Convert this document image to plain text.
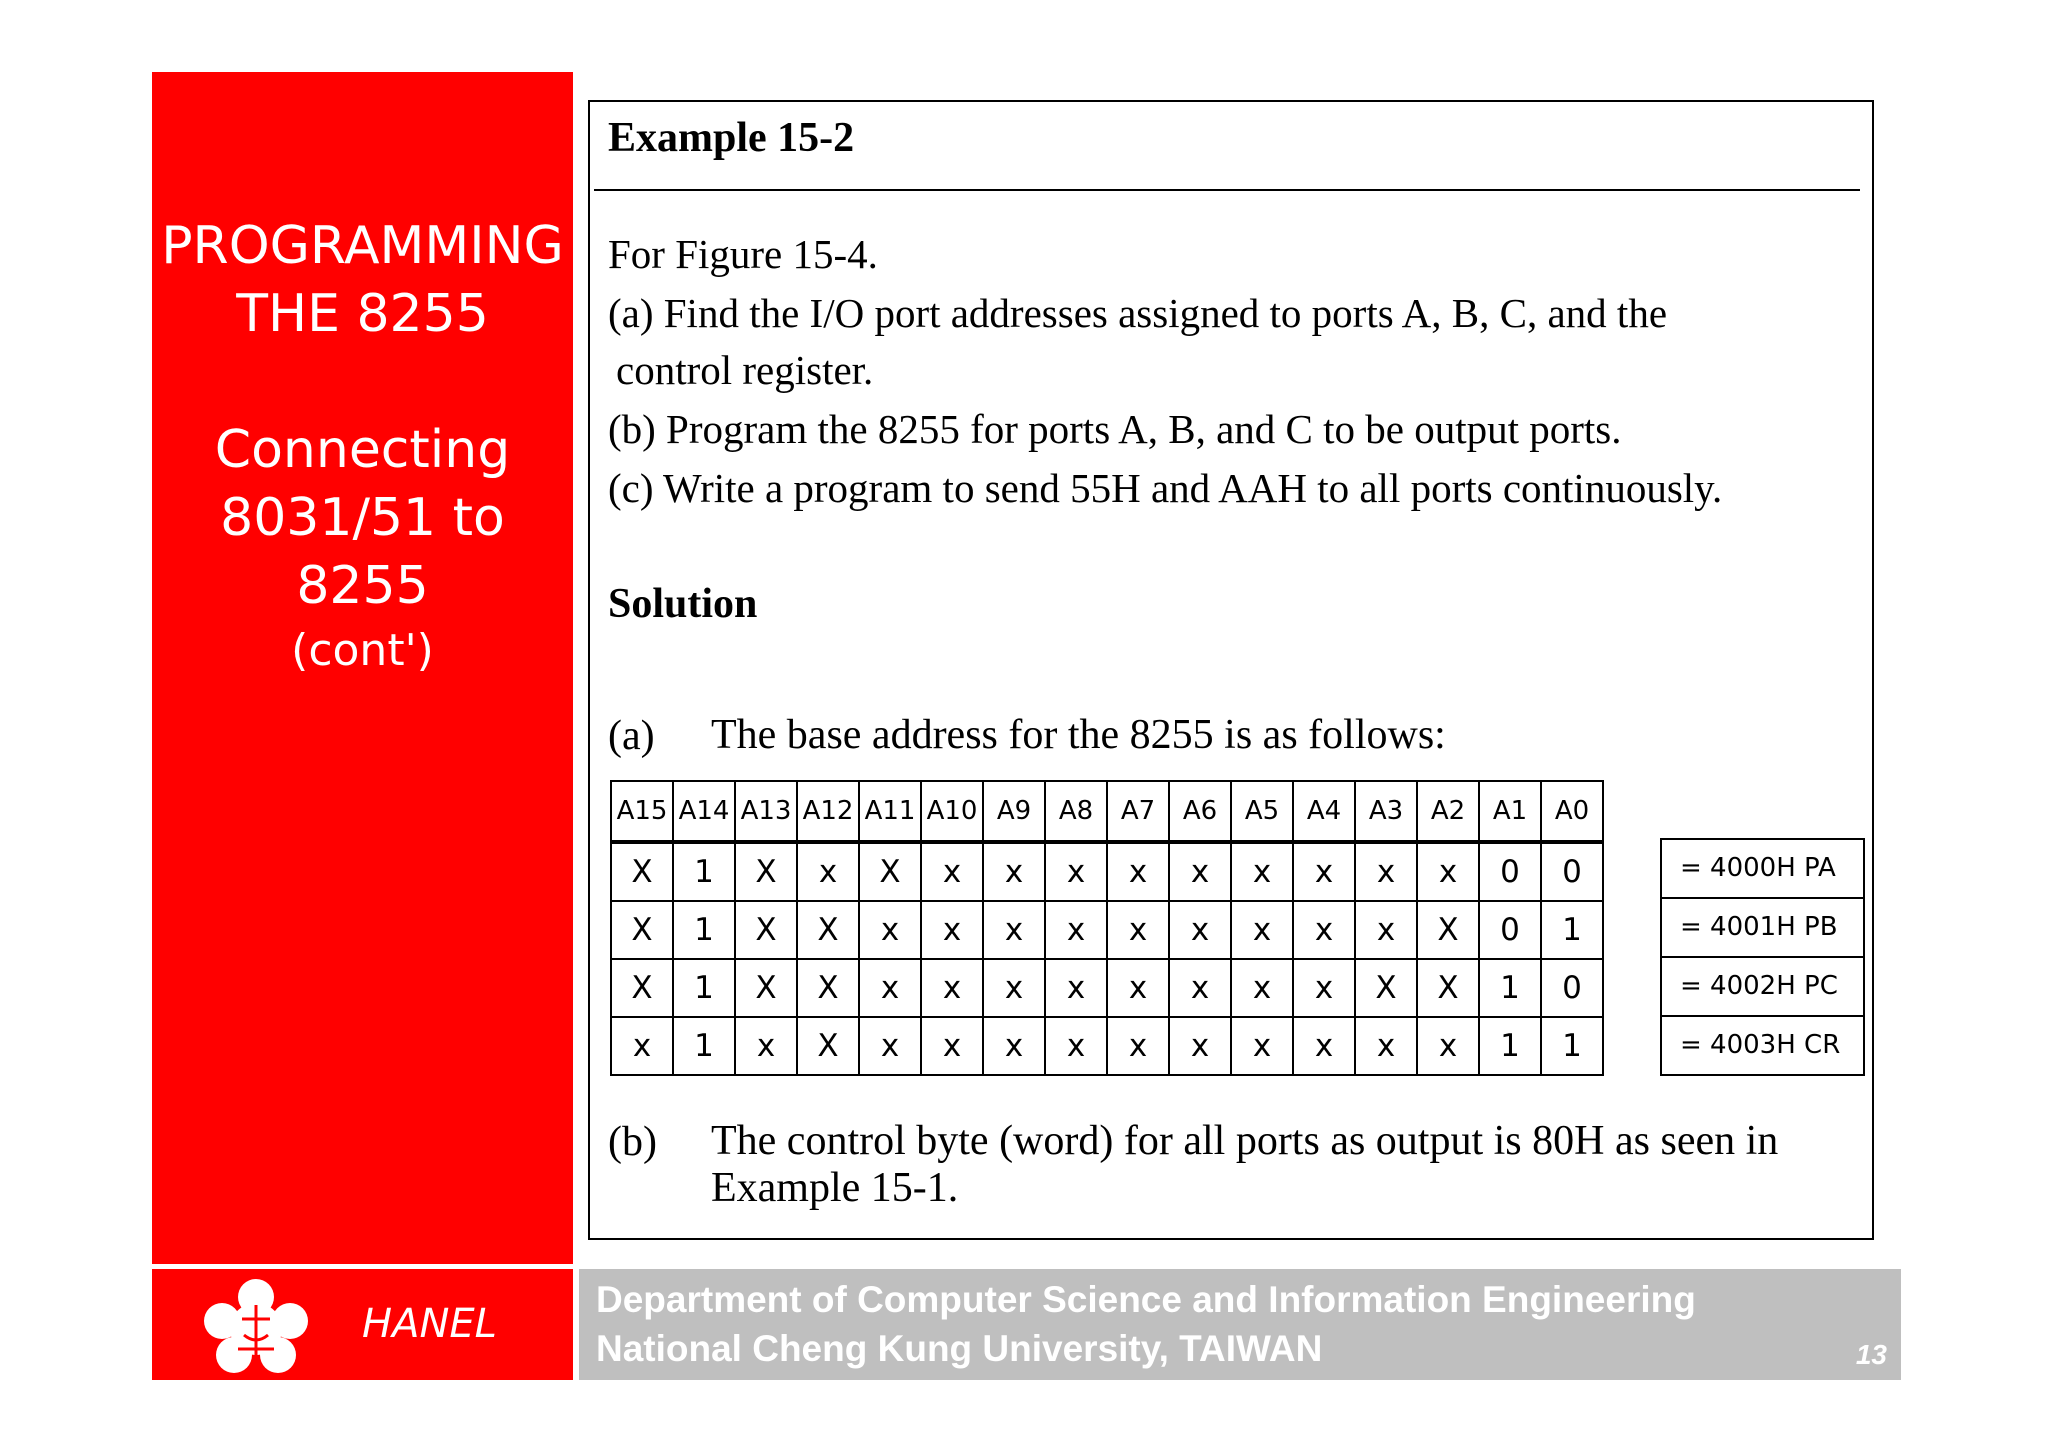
PROGRAMMING
THE 8255
Connecting
8031/51 to
8255
(cont')
HANEL
Department of Computer Science and Information Engineering
National Cheng Kung University, TAIWAN	13
Example 15-2
For Figure 15-4.
(a) Find the I/O port addresses assigned to ports A, B, C, and the
control register.
(b) Program the 8255 for ports A, B, and C to be output ports.
(c) Write a program to send 55H and AAH to all ports continuously.
Solution
(a) The base address for the 8255 is as follows:
A15	A14	A13	A12	A11	A10	A9	A8	A7	A6	A5	A4	A3	A2	A1	A0
X	1	X	x	X	x	x	x	x	x	x	x	x	x	0	0
X	1	X	X	x	x	x	x	x	x	x	x	x	X	0	1
X	1	X	X	x	x	x	x	x	x	x	x	X	X	1	0
x	1	x	X	x	x	x	x	x	x	x	x	x	x	1	1
= 4000H PA
= 4001H PB
= 4002H PC
= 4003H CR
(b) The control byte (word) for all ports as output is 80H as seen in
Example 15-1.
